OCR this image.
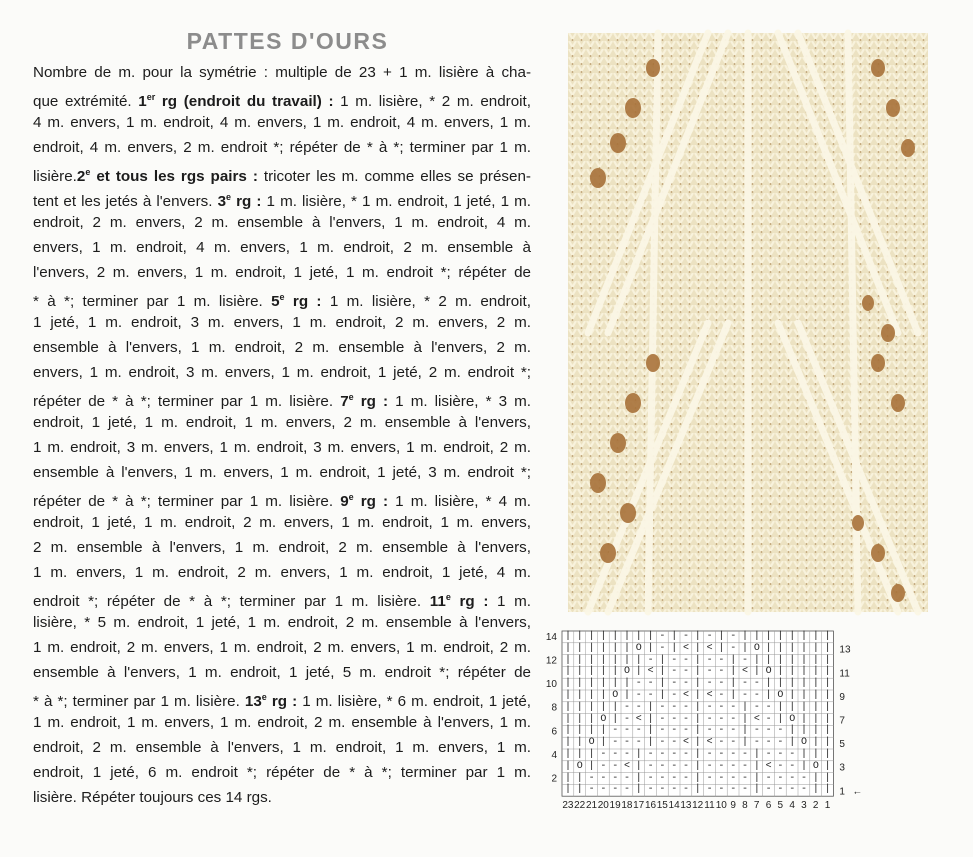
PATTES D'OURS
Nombre de m. pour la symétrie : multiple de 23 + 1 m. lisière à cha-
que extrémité. 1er rg (endroit du travail) : 1 m. lisière, * 2 m. endroit,
4 m. envers, 1 m. endroit, 4 m. envers, 1 m. endroit, 4 m. envers, 1 m.
endroit, 4 m. envers, 2 m. endroit *; répéter de * à *; terminer par 1 m.
lisière.2e et tous les rgs pairs : tricoter les m. comme elles se présen-
tent et les jetés à l'envers. 3e rg : 1 m. lisière, * 1 m. endroit, 1 jeté, 1 m.
endroit, 2 m. envers, 2 m. ensemble à l'envers, 1 m. endroit, 4 m.
envers, 1 m. endroit, 4 m. envers, 1 m. endroit, 2 m. ensemble à
l'envers, 2 m. envers, 1 m. endroit, 1 jeté, 1 m. endroit *; répéter de
* à *; terminer par 1 m. lisière. 5e rg : 1 m. lisière, * 2 m. endroit,
1 jeté, 1 m. endroit, 3 m. envers, 1 m. endroit, 2 m. envers, 2 m.
ensemble à l'envers, 1 m. endroit, 2 m. ensemble à l'envers, 2 m.
envers, 1 m. endroit, 3 m. envers, 1 m. endroit, 1 jeté, 2 m. endroit *;
répéter de * à *; terminer par 1 m. lisière. 7e rg : 1 m. lisière, * 3 m.
endroit, 1 jeté, 1 m. endroit, 1 m. envers, 2 m. ensemble à l'envers,
1 m. endroit, 3 m. envers, 1 m. endroit, 3 m. envers, 1 m. endroit, 2 m.
ensemble à l'envers, 1 m. envers, 1 m. endroit, 1 jeté, 3 m. endroit *;
répéter de * à *; terminer par 1 m. lisière. 9e rg : 1 m. lisière, * 4 m.
endroit, 1 jeté, 1 m. endroit, 2 m. envers, 1 m. endroit, 1 m. envers,
2 m. ensemble à l'envers, 1 m. endroit, 2 m. ensemble à l'envers,
1 m. envers, 1 m. endroit, 2 m. envers, 1 m. endroit, 1 jeté, 4 m.
endroit *; répéter de * à *; terminer par 1 m. lisière. 11e rg : 1 m.
lisière, * 5 m. endroit, 1 jeté, 1 m. endroit, 2 m. ensemble à l'envers,
1 m. endroit, 2 m. envers, 1 m. endroit, 2 m. envers, 1 m. endroit, 2 m.
ensemble à l'envers, 1 m. endroit, 1 jeté, 5 m. endroit *; répéter de
* à *; terminer par 1 m. lisière. 13e rg : 1 m. lisière, * 6 m. endroit, 1 jeté,
1 m. endroit, 1 m. envers, 1 m. endroit, 2 m. ensemble à l'envers, 1 m.
endroit, 2 m. ensemble à l'envers, 1 m. endroit, 1 m. envers, 1 m.
endroit, 1 jeté, 6 m. endroit *; répéter de * à *; terminer par 1 m.
lisière. Répéter toujours ces 14 rgs.
2
4
6
8
10
12
14
1
3
5
7
9
11
13
23 22 21 20 19 18 17 16 15 14 13 12 11 10 9 8 7 6 5 4 3 2 1
←
||||||||-|-|-|-||||||||
||||||O|-|<|<|-|O||||||
|||||||-|--|--|-|||||||
|||||O|<|--|--|<|O|||||
||||||--|--|--|--||||||
||||O|--|-<|<-|--|O||||
|||||--|---|---|--|||||
|||O|-<|---|---|<-|O|||
||||---|---|---|---||||
||O|---|--<|<--|---|O||
|||---|----|----|---|||
|O|--<|----|----|<--|O|
||----|----|----|----||
||----|----|----|----||
